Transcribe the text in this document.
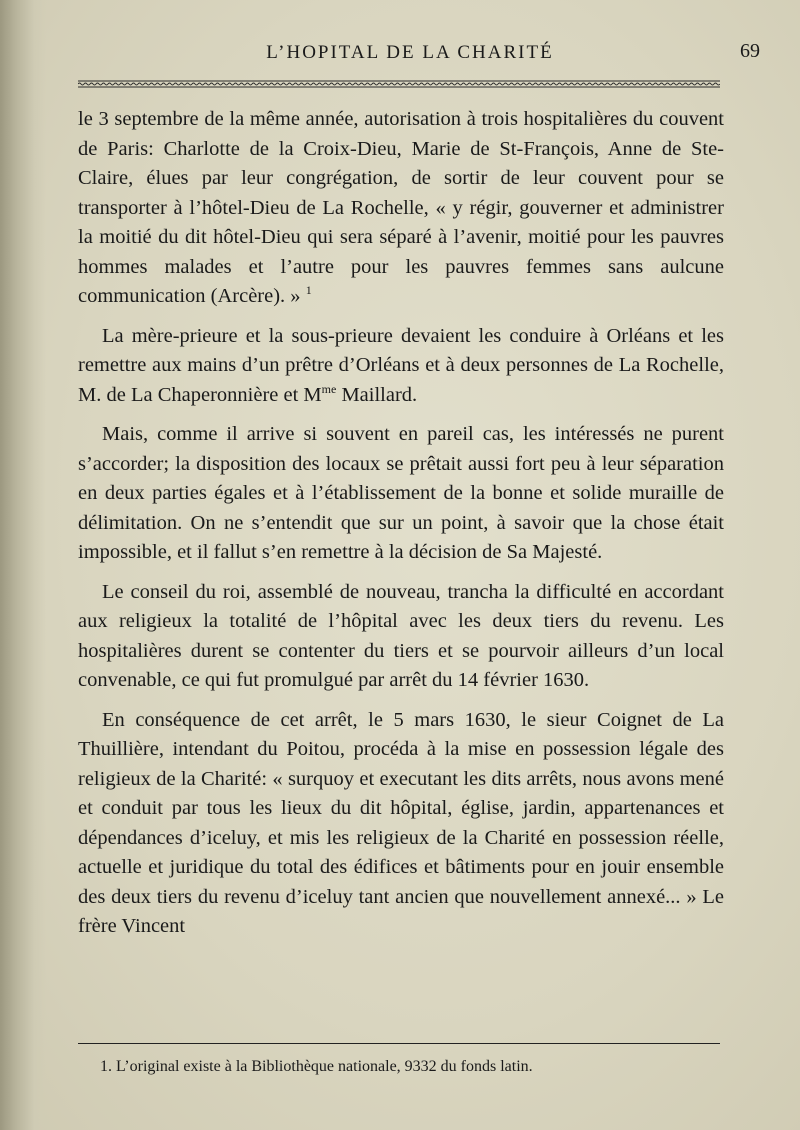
L’HOPITAL DE LA CHARITÉ	69

le 3 septembre de la même année, autorisation à trois hospitalières du couvent de Paris: Charlotte de la Croix-Dieu, Marie de St-François, Anne de Ste-Claire, élues par leur congrégation, de sortir de leur couvent pour se transporter à l’hôtel-Dieu de La Rochelle, « y régir, gouverner et administrer la moitié du dit hôtel-Dieu qui sera séparé à l’avenir, moitié pour les pauvres hommes malades et l’autre pour les pauvres femmes sans aulcune communication (Arcère). » $^1$

La mère-prieure et la sous-prieure devaient les conduire à Orléans et les remettre aux mains d’un prêtre d’Orléans et à deux personnes de La Rochelle, M. de La Chaperonnière et $M^{me}$ Maillard.

Mais, comme il arrive si souvent en pareil cas, les intéressés ne purent s’accorder; la disposition des locaux se prêtait aussi fort peu à leur séparation en deux parties égales et à l’établissement de la bonne et solide muraille de délimitation. On ne s’entendit que sur un point, à savoir que la chose était impossible, et il fallut s’en remettre à la décision de Sa Majesté.

Le conseil du roi, assemblé de nouveau, trancha la difficulté en accordant aux religieux la totalité de l’hôpital avec les deux tiers du revenu. Les hospitalières durent se contenter du tiers et se pourvoir ailleurs d’un local convenable, ce qui fut promulgué par arrêt du 14 février 1630.

En conséquence de cet arrêt, le 5 mars 1630, le sieur Coignet de La Thuillière, intendant du Poitou, procéda à la mise en possession légale des religieux de la Charité: « surquoy et executant les dits arrêts, nous avons mené et conduit par tous les lieux du dit hôpital, église, jardin, appartenances et dépendances d’iceluy, et mis les religieux de la Charité en possession réelle, actuelle et juridique du total des édifices et bâtiments pour en jouir ensemble des deux tiers du revenu d’iceluy tant ancien que nouvellement annexé... » Le frère Vincent

1. L’original existe à la Bibliothèque nationale, 9332 du fonds latin.
